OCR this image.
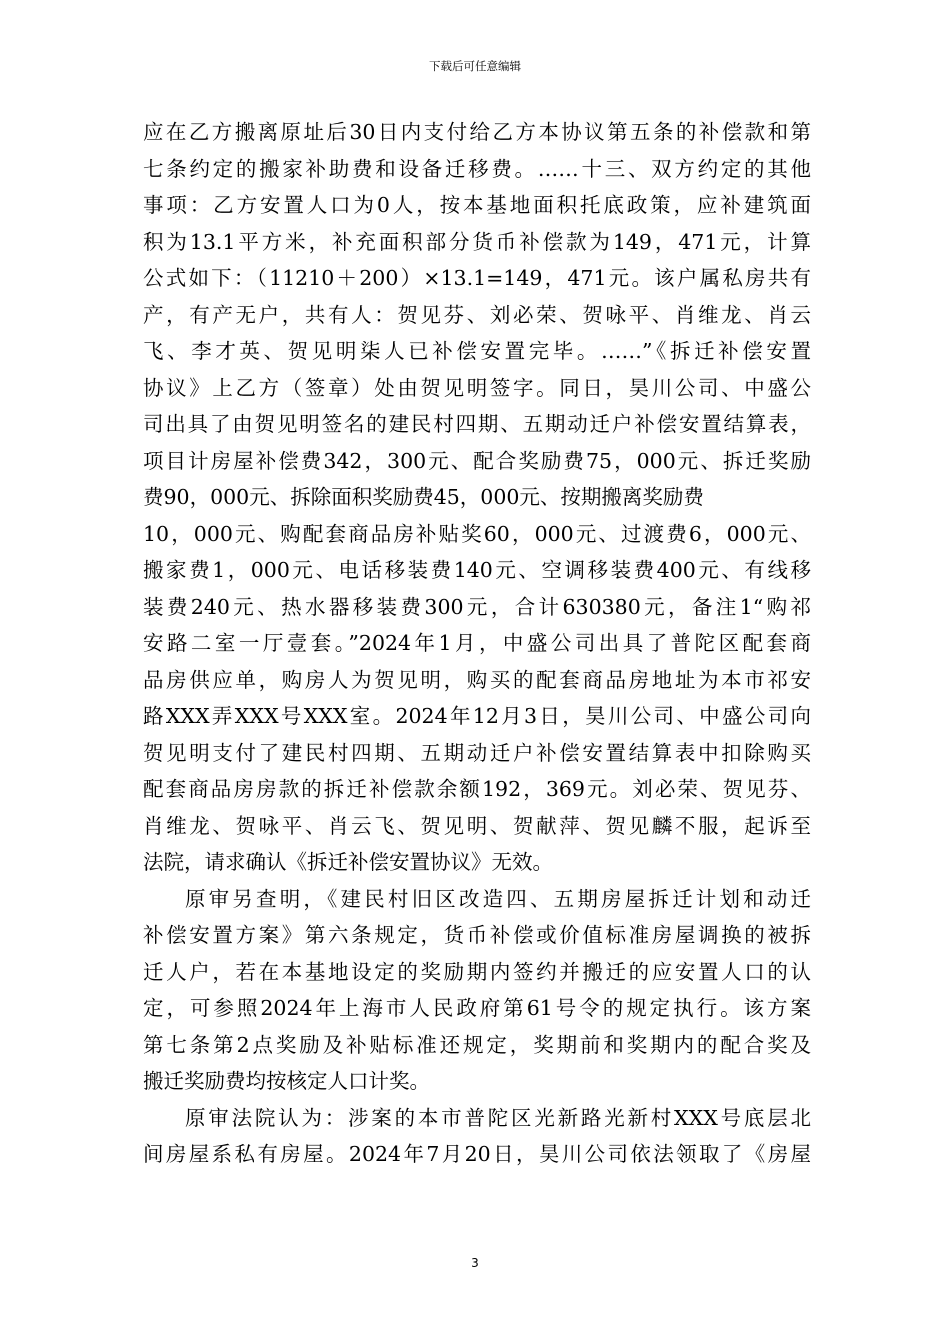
下载后可任意编辑
应在乙方搬离原址后30日内支付给乙方本协议第五条的补偿款和第
七条约定的搬家补助费和设备迁移费。……十三、双方约定的其他
事项：乙方安置人口为0人，按本基地面积托底政策，应补建筑面
积为13.1平方米，补充面积部分货币补偿款为149，471元，计算
公式如下：（11210＋200）×13.1=149，471元。该户属私房共有
产，有产无户，共有人：贺见芬、刘必荣、贺咏平、肖维龙、肖云
飞、李才英、贺见明柒人已补偿安置完毕。……”《拆迁补偿安置
协议》上乙方（签章）处由贺见明签字。同日，昊川公司、中盛公
司出具了由贺见明签名的建民村四期、五期动迁户补偿安置结算表，
项目计房屋补偿费342，300元、配合奖励费75，000元、拆迁奖励
费90，000元、拆除面积奖励费45，000元、按期搬离奖励费
10，000元、购配套商品房补贴奖60，000元、过渡费6，000元、
搬家费1，000元、电话移装费140元、空调移装费400元、有线移
装费240元、热水器移装费300元，合计630380元，备注1“购祁
安路二室一厅壹套。”2024年1月，中盛公司出具了普陀区配套商
品房供应单，购房人为贺见明，购买的配套商品房地址为本市祁安
路XXX弄XXX号XXX室。2024年12月3日，昊川公司、中盛公司向
贺见明支付了建民村四期、五期动迁户补偿安置结算表中扣除购买
配套商品房房款的拆迁补偿款余额192，369元。刘必荣、贺见芬、
肖维龙、贺咏平、肖云飞、贺见明、贺献萍、贺见麟不服，起诉至
法院，请求确认《拆迁补偿安置协议》无效。
原审另查明，《建民村旧区改造四、五期房屋拆迁计划和动迁
补偿安置方案》第六条规定，货币补偿或价值标准房屋调换的被拆
迁人户，若在本基地设定的奖励期内签约并搬迁的应安置人口的认
定，可参照2024年上海市人民政府第61号令的规定执行。该方案
第七条第2点奖励及补贴标准还规定，奖期前和奖期内的配合奖及
搬迁奖励费均按核定人口计奖。
原审法院认为：涉案的本市普陀区光新路光新村XXX号底层北
间房屋系私有房屋。2024年7月20日，昊川公司依法领取了《房屋
3
